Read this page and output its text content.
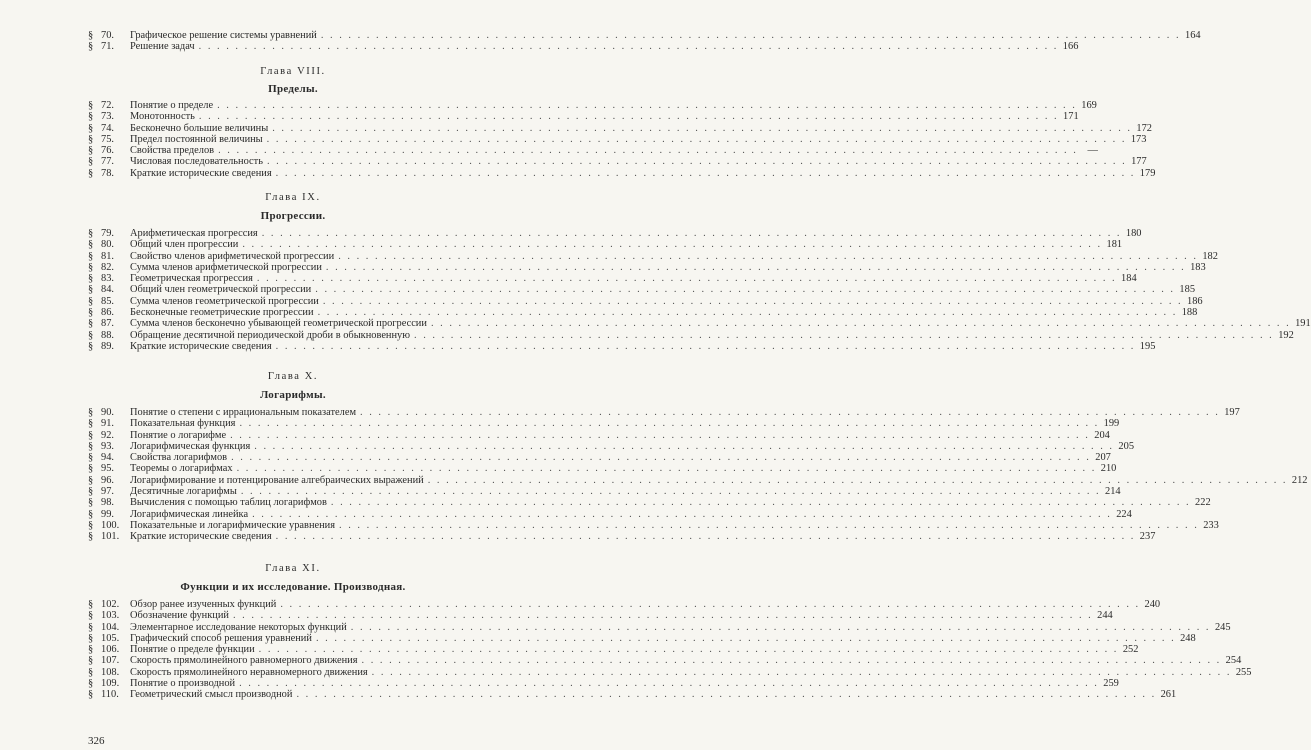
§ 70.	Графическое решение системы уравнений . . .	164
§ 71.	Решение задач . . .	166
Глава VIII.
Пределы.
§ 72.	Понятие о пределе . . .	169
§ 73.	Монотонность . . .	171
§ 74.	Бесконечно большие величины . . .	172
§ 75.	Предел постоянной величины . . .	173
§ 76.	Свойства пределов . . .	—
§ 77.	Числовая последовательность . . .	177
§ 78.	Краткие исторические сведения . . .	179
Глава IX.
Прогрессии.
§ 79.	Арифметическая прогрессия . . .	180
§ 80.	Общий член прогрессии . . .	181
§ 81.	Свойство членов арифметической прогрессии . . .	182
§ 82.	Сумма членов арифметической прогрессии . . .	183
§ 83.	Геометрическая прогрессия . . .	184
§ 84.	Общий член геометрической прогрессии . . .	185
§ 85.	Сумма членов геометрической прогрессии . . .	186
§ 86.	Бесконечные геометрические прогрессии . . .	188
§ 87.	Сумма членов бесконечно убывающей геометрической прогрессии . . .	191
§ 88.	Обращение десятичной периодической дроби в обыкновенную . . .	192
§ 89.	Краткие исторические сведения . . .	195
Глава X.
Логарифмы.
§ 90.	Понятие о степени с иррациональным показателем . . .	197
§ 91.	Показательная функция . . .	199
§ 92.	Понятие о логарифме . . .	204
§ 93.	Логарифмическая функция . . .	205
§ 94.	Свойства логарифмов . . .	207
§ 95.	Теоремы о логарифмах . . .	210
§ 96.	Логарифмирование и потенцирование алгебраических выражений . . .	212
§ 97.	Десятичные логарифмы . . .	214
§ 98.	Вычисления с помощью таблиц логарифмов . . .	222
§ 99.	Логарифмическая линейка . . .	224
§ 100.	Показательные и логарифмические уравнения . . .	233
§ 101.	Краткие исторические сведения . . .	237
Глава XI.
Функции и их исследование. Производная.
§ 102.	Обзор ранее изученных функций . . .	240
§ 103.	Обозначение функций . . .	244
§ 104.	Элементарное исследование некоторых функций . . .	245
§ 105.	Графический способ решения уравнений . . .	248
§ 106.	Понятие о пределе функции . . .	252
§ 107.	Скорость прямолинейного равномерного движения . . .	254
§ 108.	Скорость прямолинейного неравномерного движения . . .	255
§ 109.	Понятие о производной . . .	259
§ 110.	Геометрический смысл производной . . .	261
326
